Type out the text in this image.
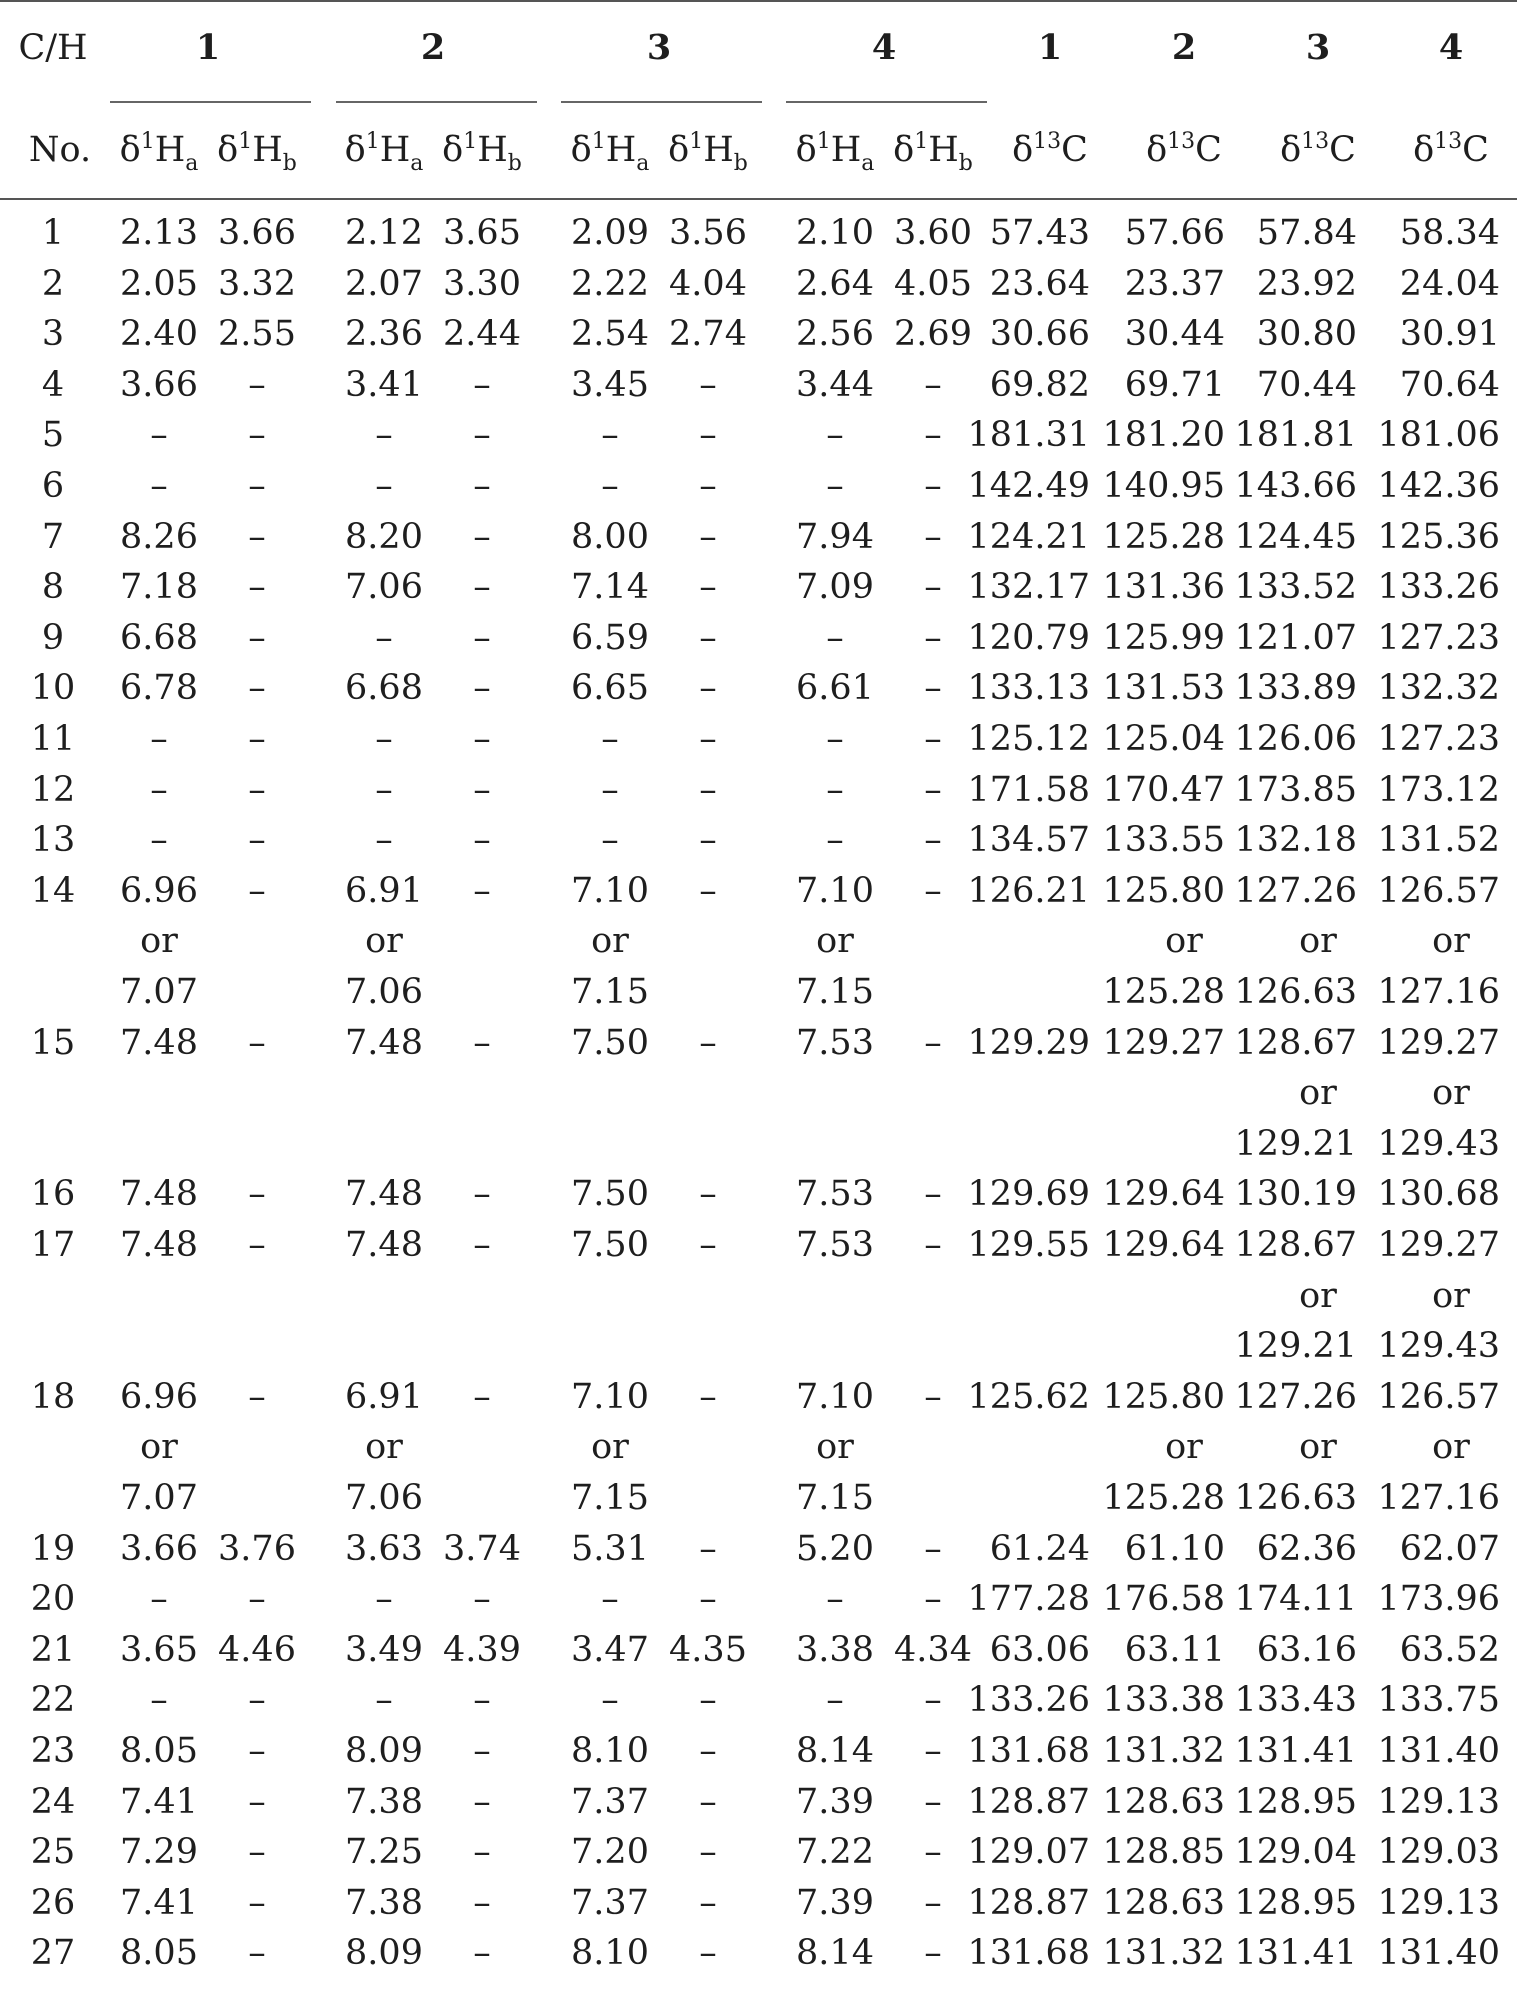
C/H
No.
1	2	3	4	1	2	3	4
$\delta^1H_a$ $\delta^1H_b$ $\delta^1H_a$ $\delta^1H_b$ $\delta^1H_a$ $\delta^1H_b$ $\delta^1H_a$ $\delta^1H_b$ $\delta^{13}C$ $\delta^{13}C$ $\delta^{13}C$ $\delta^{13}C$
1 2.13 3.66 2.12 3.65 2.09 3.56 2.10 3.60 57.43 57.66 57.84 58.34
2 2.05 3.32 2.07 3.30 2.22 4.04 2.64 4.05 23.64 23.37 23.92 24.04
3 2.40 2.55 2.36 2.44 2.54 2.74 2.56 2.69 30.66 30.44 30.80 30.91
4 3.66 – 3.41 – 3.45 – 3.44 – 69.82 69.71 70.44 70.64
5 – –	– –	– –	– – 181.31 181.20 181.81 181.06
6 – –	– –	– –	– – 142.49 140.95 143.66 142.36
7 8.26 – 8.20 – 8.00 – 7.94 – 124.21 125.28 124.45 125.36
8 7.18 – 7.06 – 7.14 – 7.09 – 132.17 131.36 133.52 133.26
9 6.68 –	– – 6.59 –	– – 120.79 125.99 121.07 127.23
10 6.78 – 6.68 – 6.65 – 6.61 – 133.13 131.53 133.89 132.32
11 – –	– –	– –	– – 125.12 125.04 126.06 127.23
12 – –	– –	– –	– – 171.58 170.47 173.85 173.12
13 – –	– –	– –	– – 134.57 133.55 132.18 131.52
14 6.96 – 6.91 – 7.10 – 7.10 – 126.21 125.80 127.26 126.57
or	or	or	or	or	or	or
7.07	7.06	7.15	7.15	125.28 126.63 127.16
15 7.48 – 7.48 – 7.50 – 7.53 – 129.29 129.27 128.67 129.27
or	or
129.21 129.43
16 7.48 – 7.48 – 7.50 – 7.53 – 129.69 129.64 130.19 130.68
17 7.48 – 7.48 – 7.50 – 7.53 – 129.55 129.64 128.67 129.27
or	or
129.21 129.43
18 6.96 – 6.91 – 7.10 – 7.10 – 125.62 125.80 127.26 126.57
or	or	or	or	or	or	or
7.07	7.06	7.15	7.15	125.28 126.63 127.16
19 3.66 3.76 3.63 3.74 5.31 – 5.20 – 61.24 61.10 62.36 62.07
20 – –	– –	– –	– – 177.28 176.58 174.11 173.96
21 3.65 4.46 3.49 4.39 3.47 4.35 3.38 4.34 63.06 63.11 63.16 63.52
22 – –	– –	– –	– – 133.26 133.38 133.43 133.75
23 8.05 – 8.09 – 8.10 – 8.14 – 131.68 131.32 131.41 131.40
24 7.41 – 7.38 – 7.37 – 7.39 – 128.87 128.63 128.95 129.13
25 7.29 – 7.25 – 7.20 – 7.22 – 129.07 128.85 129.04 129.03
26 7.41 – 7.38 – 7.37 – 7.39 – 128.87 128.63 128.95 129.13
27 8.05 – 8.09 – 8.10 – 8.14 – 131.68 131.32 131.41 131.40
